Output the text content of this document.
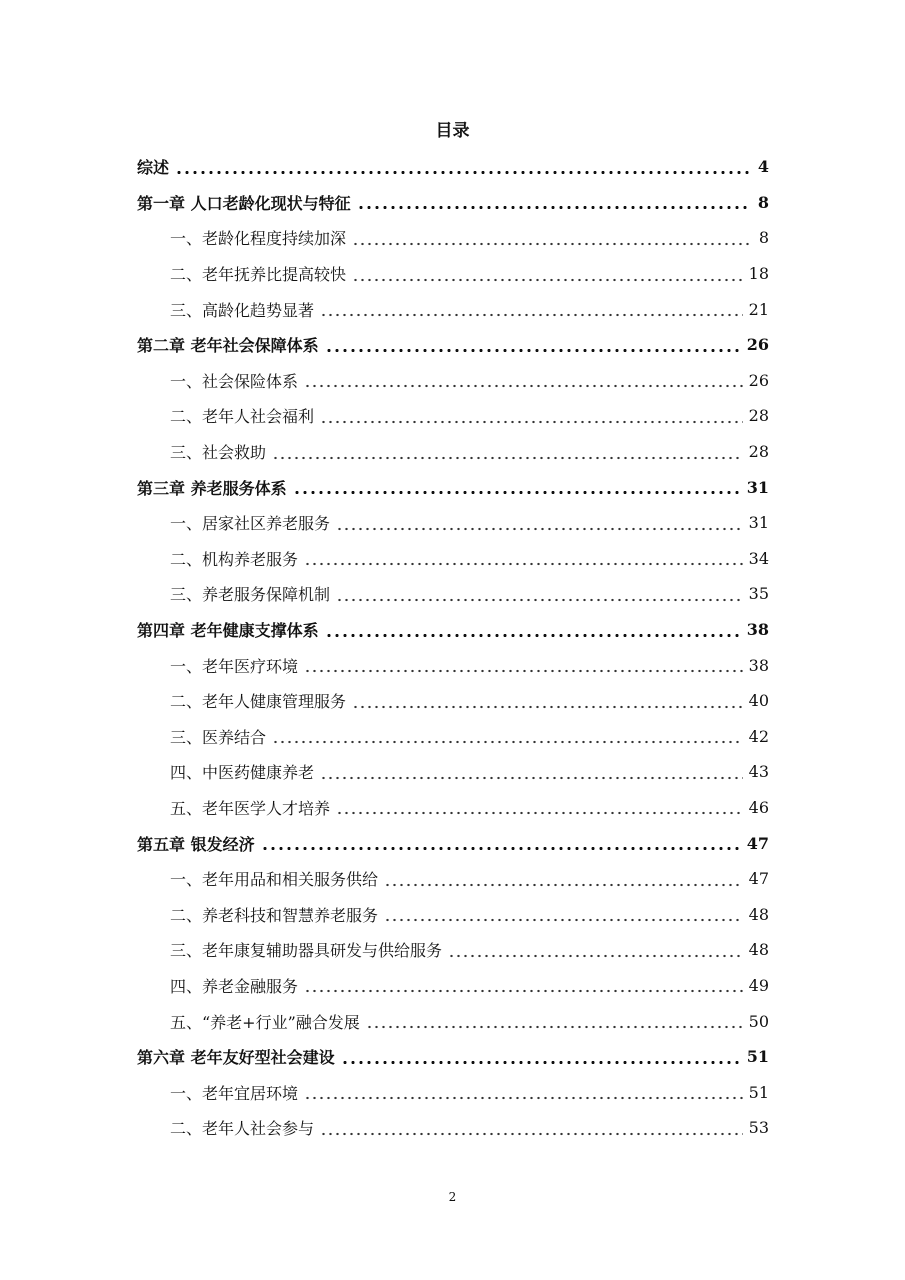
目录
综述	4
第一章 人口老龄化现状与特征	8
一、老龄化程度持续加深	8
二、老年抚养比提高较快	18
三、高龄化趋势显著	21
第二章 老年社会保障体系	26
一、社会保险体系	26
二、老年人社会福利	28
三、社会救助	28
第三章 养老服务体系	31
一、居家社区养老服务	31
二、机构养老服务	34
三、养老服务保障机制	35
第四章 老年健康支撑体系	38
一、老年医疗环境	38
二、老年人健康管理服务	40
三、医养结合	42
四、中医药健康养老	43
五、老年医学人才培养	46
第五章 银发经济	47
一、老年用品和相关服务供给	47
二、养老科技和智慧养老服务	48
三、老年康复辅助器具研发与供给服务	48
四、养老金融服务	49
五、“养老+行业”融合发展	50
第六章 老年友好型社会建设	51
一、老年宜居环境	51
二、老年人社会参与	53
2
